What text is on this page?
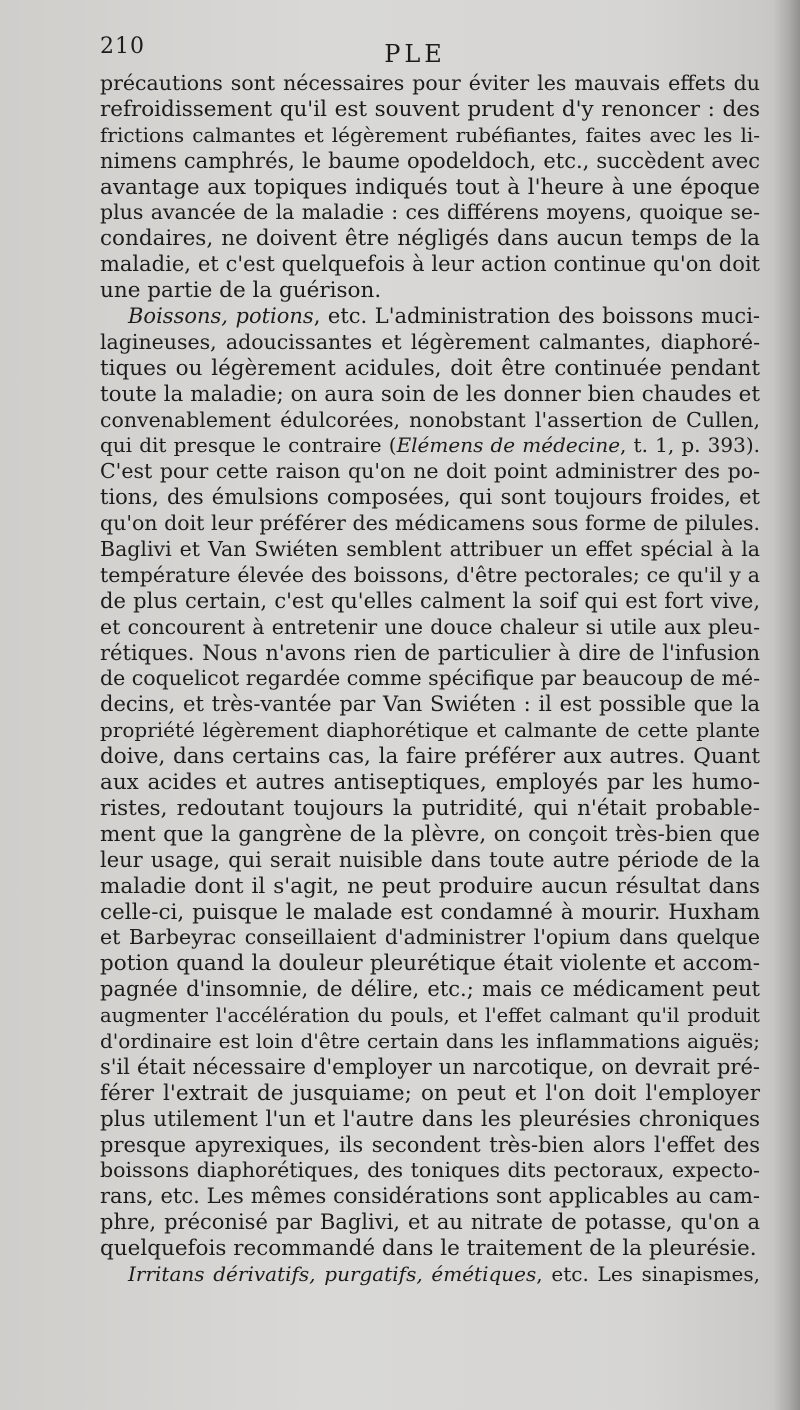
210	PLE
précautions sont nécessaires pour éviter les mauvais effets du
refroidissement qu'il est souvent prudent d'y renoncer : des
frictions calmantes et légèrement rubéfiantes, faites avec les li-
nimens camphrés, le baume opodeldoch, etc., succèdent avec
avantage aux topiques indiqués tout à l'heure à une époque
plus avancée de la maladie : ces différens moyens, quoique se-
condaires, ne doivent être négligés dans aucun temps de la
maladie, et c'est quelquefois à leur action continue qu'on doit
une partie de la guérison.
Boissons, potions, etc. L'administration des boissons muci-
lagineuses, adoucissantes et légèrement calmantes, diaphoré-
tiques ou légèrement acidules, doit être continuée pendant
toute la maladie; on aura soin de les donner bien chaudes et
convenablement édulcorées, nonobstant l'assertion de Cullen,
qui dit presque le contraire (Elémens de médecine, t. 1, p. 393).
C'est pour cette raison qu'on ne doit point administrer des po-
tions, des émulsions composées, qui sont toujours froides, et
qu'on doit leur préférer des médicamens sous forme de pilules.
Baglivi et Van Swiéten semblent attribuer un effet spécial à la
température élevée des boissons, d'être pectorales; ce qu'il y a
de plus certain, c'est qu'elles calment la soif qui est fort vive,
et concourent à entretenir une douce chaleur si utile aux pleu-
rétiques. Nous n'avons rien de particulier à dire de l'infusion
de coquelicot regardée comme spécifique par beaucoup de mé-
decins, et très-vantée par Van Swiéten : il est possible que la
propriété légèrement diaphorétique et calmante de cette plante
doive, dans certains cas, la faire préférer aux autres. Quant
aux acides et autres antiseptiques, employés par les humo-
ristes, redoutant toujours la putridité, qui n'était probable-
ment que la gangrène de la plèvre, on conçoit très-bien que
leur usage, qui serait nuisible dans toute autre période de la
maladie dont il s'agit, ne peut produire aucun résultat dans
celle-ci, puisque le malade est condamné à mourir. Huxham
et Barbeyrac conseillaient d'administrer l'opium dans quelque
potion quand la douleur pleurétique était violente et accom-
pagnée d'insomnie, de délire, etc.; mais ce médicament peut
augmenter l'accélération du pouls, et l'effet calmant qu'il produit
d'ordinaire est loin d'être certain dans les inflammations aiguës;
s'il était nécessaire d'employer un narcotique, on devrait pré-
férer l'extrait de jusquiame; on peut et l'on doit l'employer
plus utilement l'un et l'autre dans les pleurésies chroniques
presque apyrexiques, ils secondent très-bien alors l'effet des
boissons diaphorétiques, des toniques dits pectoraux, expecto-
rans, etc. Les mêmes considérations sont applicables au cam-
phre, préconisé par Baglivi, et au nitrate de potasse, qu'on a
quelquefois recommandé dans le traitement de la pleurésie.
Irritans dérivatifs, purgatifs, émétiques, etc. Les sinapismes,
